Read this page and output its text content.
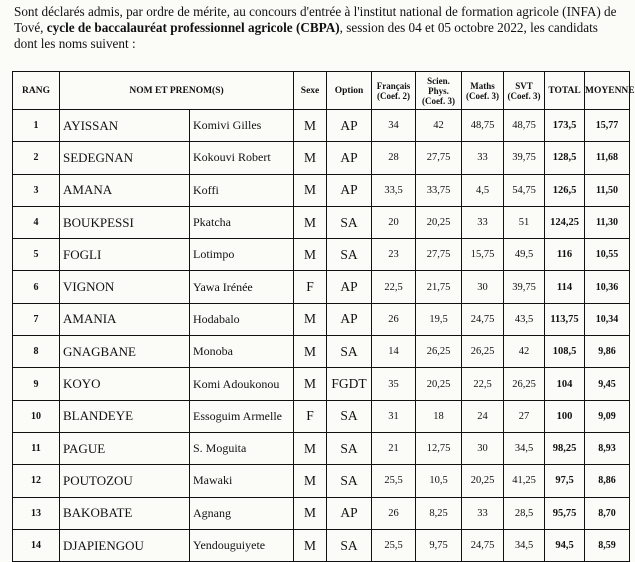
Sont déclarés admis, par ordre de mérite, au concours d'entrée à l'institut national de formation agricole (INFA) de Tové, cycle de baccalauréat professionnel agricole (CBPA), session des 04 et 05 octobre 2022, les candidats dont les noms suivent :
RANG	NOM ET PRENOM(S)		Sexe	Option	Français (Coef. 2)	Scien. Phys. (Coef. 3)	Maths (Coef. 3)	SVT (Coef. 3)	TOTAL	MOYENNE
1	AYISSAN	Komivi Gilles	M	AP	34	42	48,75	48,75	173,5	15,77
2	SEDEGNAN	Kokouvi Robert	M	AP	28	27,75	33	39,75	128,5	11,68
3	AMANA	Koffi	M	AP	33,5	33,75	4,5	54,75	126,5	11,50
4	BOUKPESSI	Pkatcha	M	SA	20	20,25	33	51	124,25	11,30
5	FOGLI	Lotimpo	M	SA	23	27,75	15,75	49,5	116	10,55
6	VIGNON	Yawa Irénée	F	AP	22,5	21,75	30	39,75	114	10,36
7	AMANIA	Hodabalo	M	AP	26	19,5	24,75	43,5	113,75	10,34
8	GNAGBANE	Monoba	M	SA	14	26,25	26,25	42	108,5	9,86
9	KOYO	Komi Adoukonou	M	FGDT	35	20,25	22,5	26,25	104	9,45
10	BLANDEYE	Essoguim Armelle	F	SA	31	18	24	27	100	9,09
11	PAGUE	S. Moguita	M	SA	21	12,75	30	34,5	98,25	8,93
12	POUTOZOU	Mawaki	M	SA	25,5	10,5	20,25	41,25	97,5	8,86
13	BAKOBATE	Agnang	M	AP	26	8,25	33	28,5	95,75	8,70
14	DJAPIENGOU	Yendouguiyete	M	SA	25,5	9,75	24,75	34,5	94,5	8,59
